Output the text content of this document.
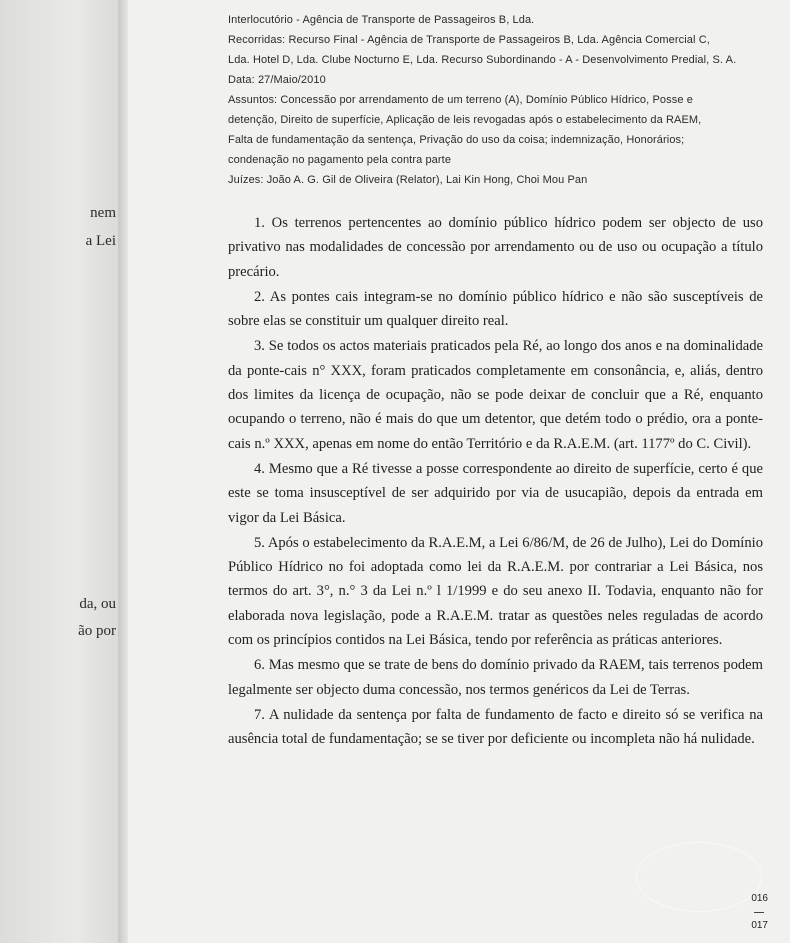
nem

a Lei

da, ou

ão por

Interlocutório - Agência de Transporte de Passageiros B, Lda.

Recorridas: Recurso Final - Agência de Transporte de Passageiros B, Lda. Agência Comercial C,

Lda. Hotel D, Lda. Clube Nocturno E, Lda. Recurso Subordinando - A - Desenvolvimento Predial, S. A.

Data: 27/Maio/2010

Assuntos: Concessão por arrendamento de um terreno (A), Domínio Público Hídrico, Posse e

detenção, Direito de superfície, Aplicação de leis revogadas após o estabelecimento da RAEM,

Falta de fundamentação da sentença, Privação do uso da coisa; indemnização, Honorários;

condenação no pagamento pela contra parte

Juízes: João A. G. Gil de Oliveira (Relator), Lai Kin Hong, Choi Mou Pan

1. Os terrenos pertencentes ao domínio público hídrico podem ser objecto de uso privativo nas modalidades de concessão por arrendamento ou de uso ou ocupação a título precário.

2. As pontes cais integram-se no domínio público hídrico e não são susceptíveis de sobre elas se constituir um qualquer direito real.

3. Se todos os actos materiais praticados pela Ré, ao longo dos anos e na dominalidade da ponte-cais n° XXX, foram praticados completamente em consonância, e, aliás, dentro dos limites da licença de ocupação, não se pode deixar de concluir que a Ré, enquanto ocupando o terreno, não é mais do que um detentor, que detém todo o prédio, ora a ponte-cais n.º XXX, apenas em nome do então Território e da R.A.E.M. (art. 1177º do C. Civil).

4. Mesmo que a Ré tivesse a posse correspondente ao direito de superfície, certo é que este se toma insusceptível de ser adquirido por via de usucapião, depois da entrada em vigor da Lei Básica.

5. Após o estabelecimento da R.A.E.M, a Lei 6/86/M, de 26 de Julho), Lei do Domínio Público Hídrico no foi adoptada como lei da R.A.E.M. por contrariar a Lei Básica, nos termos do art. 3°, n.° 3 da Lei n.º l 1/1999 e do seu anexo II. Todavia, enquanto não for elaborada nova legislação, pode a R.A.E.M. tratar as questões neles reguladas de acordo com os princípios contidos na Lei Básica, tendo por referência as práticas anteriores.

6. Mas mesmo que se trate de bens do domínio privado da RAEM, tais terrenos podem legalmente ser objecto duma concessão, nos termos genéricos da Lei de Terras.

7. A nulidade da sentença por falta de fundamento de facto e direito só se verifica na ausência total de fundamentação; se se tiver por deficiente ou incompleta não há nulidade.

016
017
